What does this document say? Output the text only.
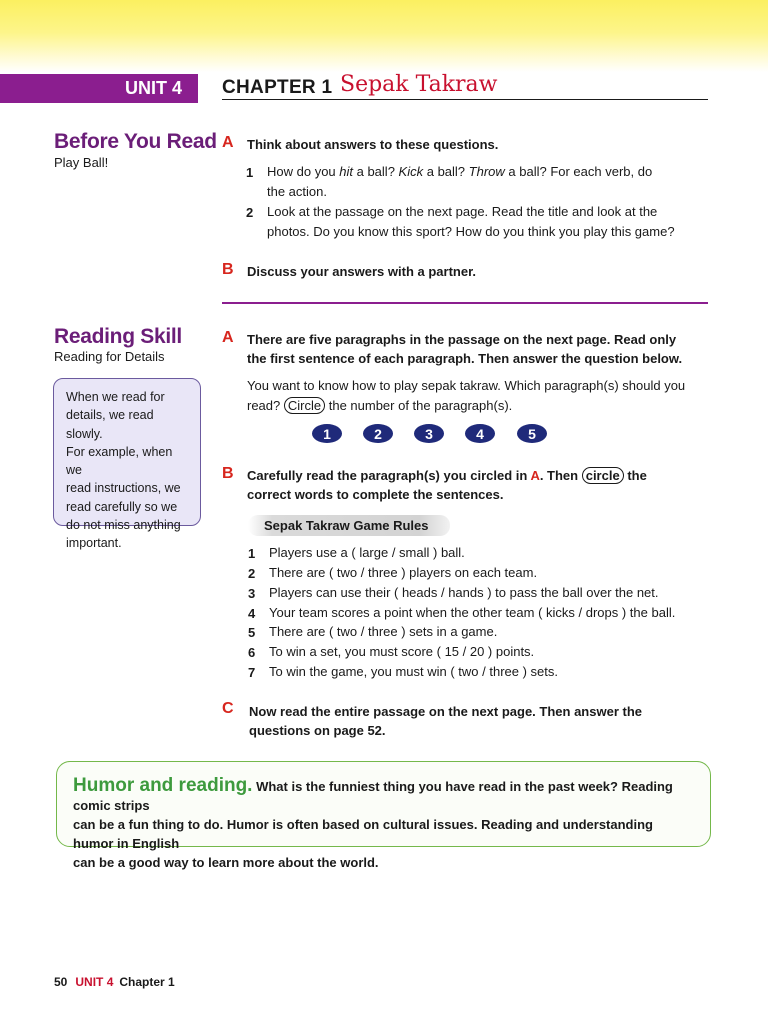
UNIT 4	CHAPTER 1 Sepak Takraw
Before You Read
Play Ball!
A Think about answers to these questions.
1 How do you hit a ball? Kick a ball? Throw a ball? For each verb, do
the action.
2 Look at the passage on the next page. Read the title and look at the
photos. Do you know this sport? How do you think you play this game?
B Discuss your answers with a partner.
Reading Skill
Reading for Details
When we read for
details, we read slowly.
For example, when we
read instructions, we
read carefully so we
do not miss anything
important.
A There are five paragraphs in the passage on the next page. Read only
the first sentence of each paragraph. Then answer the question below.
You want to know how to play sepak takraw. Which paragraph(s) should you
read? Circle the number of the paragraph(s).
1	2	3	4	5
B Carefully read the paragraph(s) you circled in A. Then circle the
correct words to complete the sentences.
Sepak Takraw Game Rules
1 Players use a ( large / small ) ball.
2 There are ( two / three ) players on each team.
3 Players can use their ( heads / hands ) to pass the ball over the net.
4 Your team scores a point when the other team ( kicks / drops ) the ball.
5 There are ( two / three ) sets in a game.
6 To win a set, you must score ( 15 / 20 ) points.
7 To win the game, you must win ( two / three ) sets.
C Now read the entire passage on the next page. Then answer the
questions on page 52.
Humor and reading. What is the funniest thing you have read in the past week? Reading comic strips
can be a fun thing to do. Humor is often based on cultural issues. Reading and understanding humor in English
can be a good way to learn more about the world.
50 UNIT 4 Chapter 1
